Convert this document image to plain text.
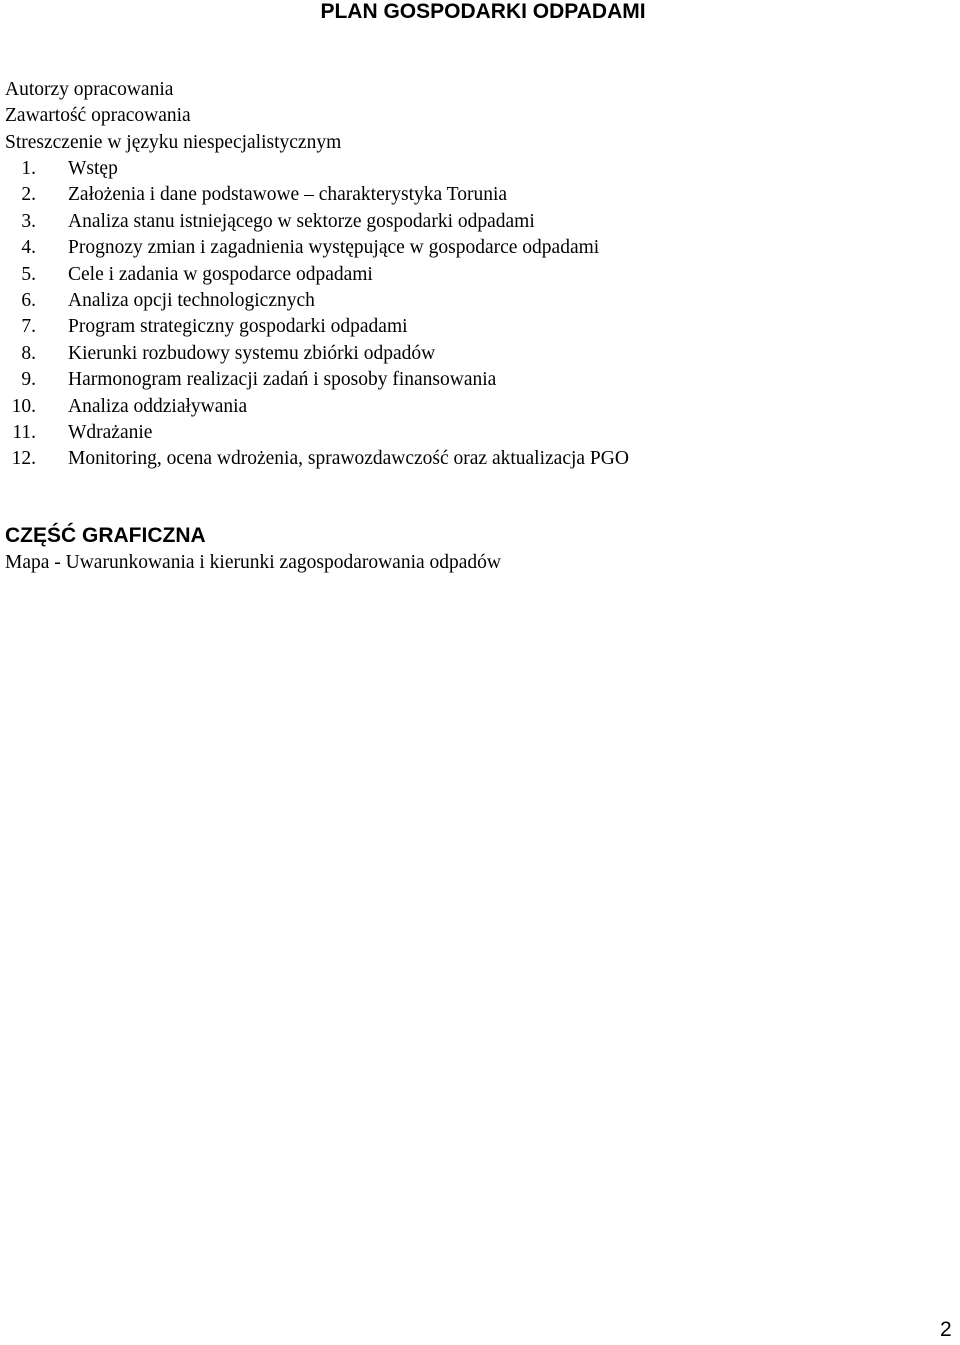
PLAN GOSPODARKI ODPADAMI
Autorzy opracowania
Zawartość opracowania
Streszczenie w języku niespecjalistycznym
1. Wstęp
2. Założenia i dane podstawowe – charakterystyka Torunia
3. Analiza stanu istniejącego w sektorze gospodarki odpadami
4. Prognozy zmian i zagadnienia występujące w gospodarce odpadami
5. Cele i zadania w gospodarce odpadami
6. Analiza opcji technologicznych
7. Program strategiczny gospodarki odpadami
8. Kierunki rozbudowy systemu zbiórki odpadów
9. Harmonogram realizacji zadań i sposoby finansowania
10. Analiza oddziaływania
11. Wdrażanie
12. Monitoring, ocena wdrożenia, sprawozdawczość oraz aktualizacja PGO
CZĘŚĆ GRAFICZNA
Mapa - Uwarunkowania i kierunki zagospodarowania odpadów
2
